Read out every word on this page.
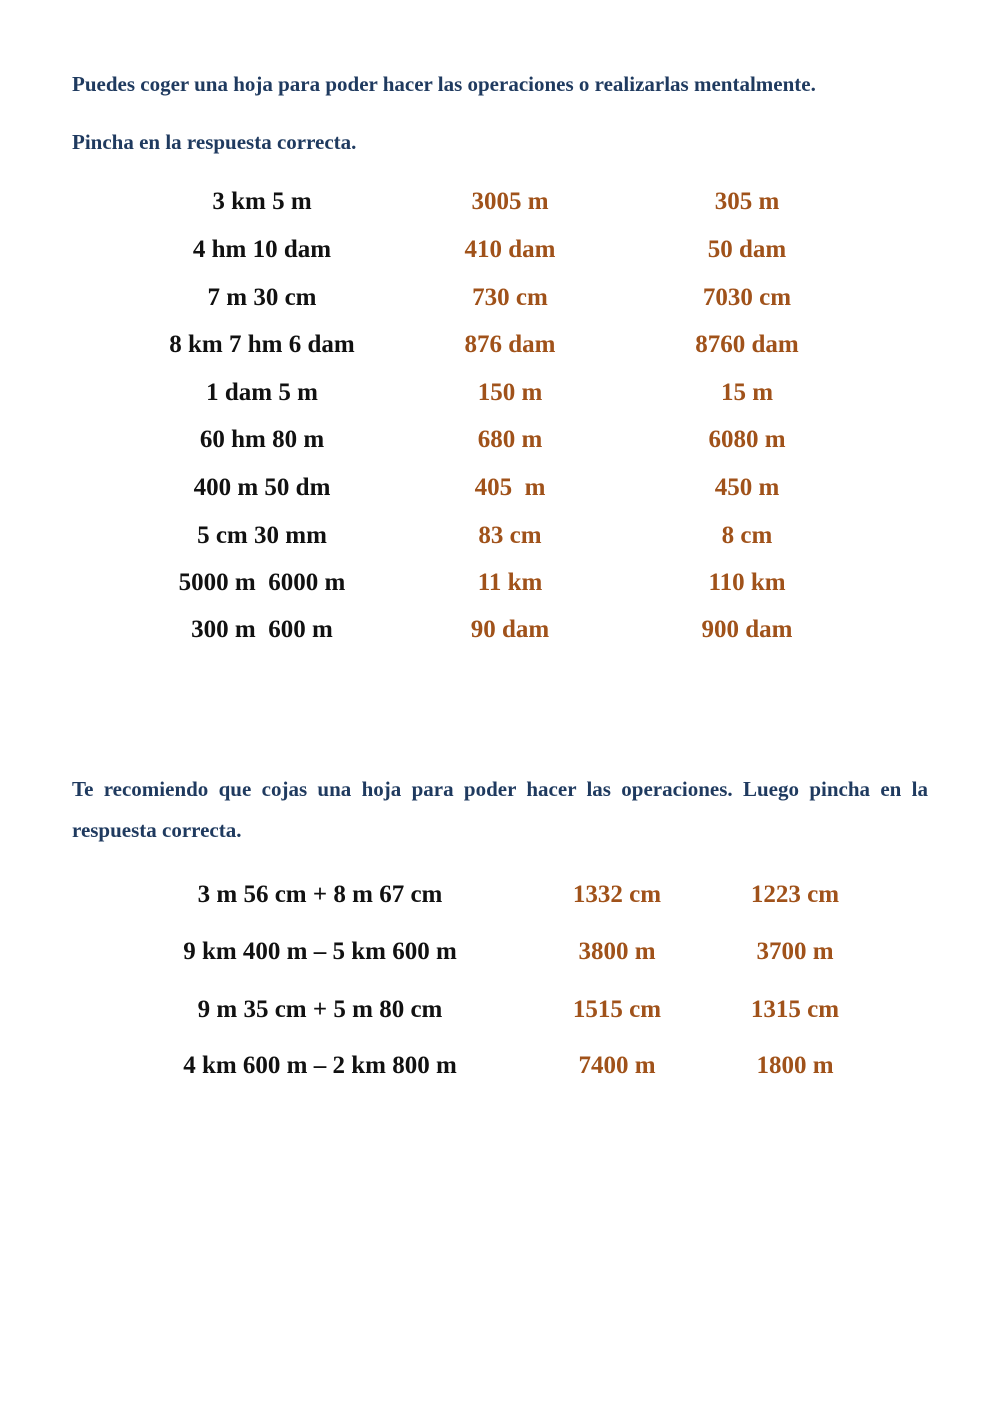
Puedes coger una hoja para poder hacer las operaciones o realizarlas mentalmente.

Pincha en la respuesta correcta.

3 km 5 m	3005 m	305 m
4 hm 10 dam	410 dam	50 dam
7 m 30 cm	730 cm	7030 cm
8 km 7 hm 6 dam	876 dam	8760 dam
1 dam 5 m	150 m	15 m
60 hm 80 m	680 m	6080 m
400 m 50 dm	405  m	450 m
5 cm 30 mm	83 cm	8 cm
5000 m  6000 m	11 km	110 km
300 m  600 m	90 dam	900 dam

Te recomiendo que cojas una hoja para poder hacer las operaciones. Luego pincha en la respuesta correcta.

3 m 56 cm + 8 m 67 cm	1332 cm	1223 cm
9 km 400 m – 5 km 600 m	3800 m	3700 m
9 m 35 cm + 5 m 80 cm	1515 cm	1315 cm
4 km 600 m – 2 km 800 m	7400 m	1800 m
